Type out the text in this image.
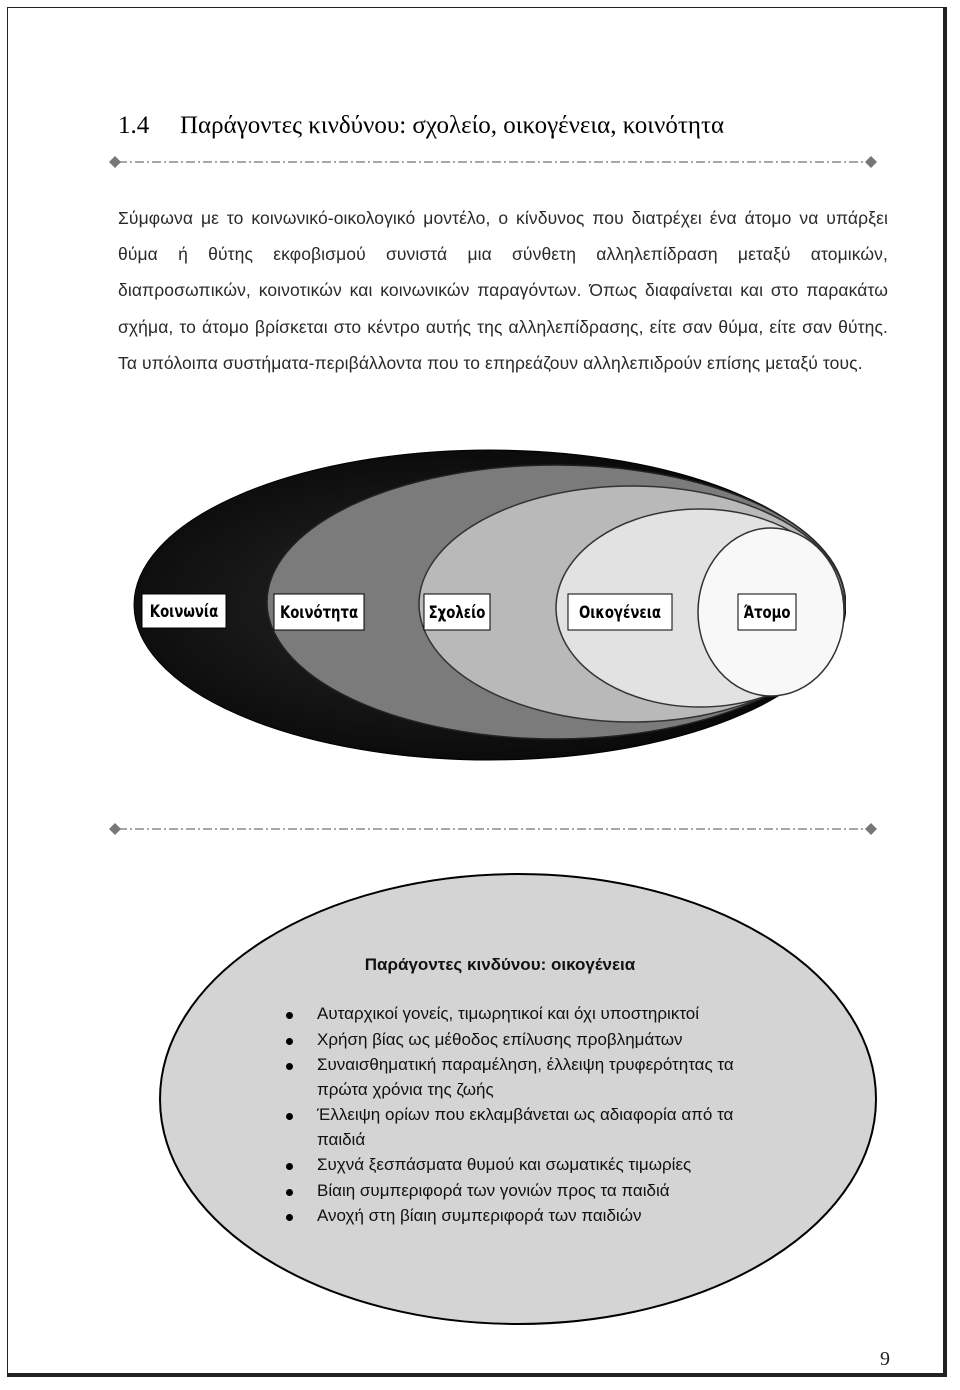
1.4 Παράγοντες κινδύνου: σχολείο, οικογένεια, κοινότητα

Σύμφωνα με το κοινωνικό-οικολογικό μοντέλο, ο κίνδυνος που διατρέχει ένα άτομο να υπάρξει θύμα ή θύτης εκφοβισμού συνιστά μια σύνθετη αλληλεπίδραση μεταξύ ατομικών, διαπροσωπικών, κοινοτικών και κοινωνικών παραγόντων. Όπως διαφαίνεται και στο παρακάτω σχήμα, το άτομο βρίσκεται στο κέντρο αυτής της αλληλεπίδρασης, είτε σαν θύμα, είτε σαν θύτης. Τα υπόλοιπα συστήματα-περιβάλλοντα που το επηρεάζουν αλληλεπιδρούν επίσης μεταξύ τους.

Κοινωνία	Κοινότητα	Σχολείο	Οικογένεια	Άτομο
Παράγοντες κινδύνου: οικογένεια
Αυταρχικοί γονείς, τιμωρητικοί και όχι υποστηρικτοί
Χρήση βίας ως μέθοδος επίλυσης προβλημάτων
Συναισθηματική παραμέληση, έλλειψη τρυφερότητας τα πρώτα χρόνια της ζωής
Έλλειψη ορίων που εκλαμβάνεται ως αδιαφορία από τα παιδιά
Συχνά ξεσπάσματα θυμού και σωματικές τιμωρίες
Βίαιη συμπεριφορά των γονιών προς τα παιδιά
Ανοχή στη βίαιη συμπεριφορά των παιδιών
9
